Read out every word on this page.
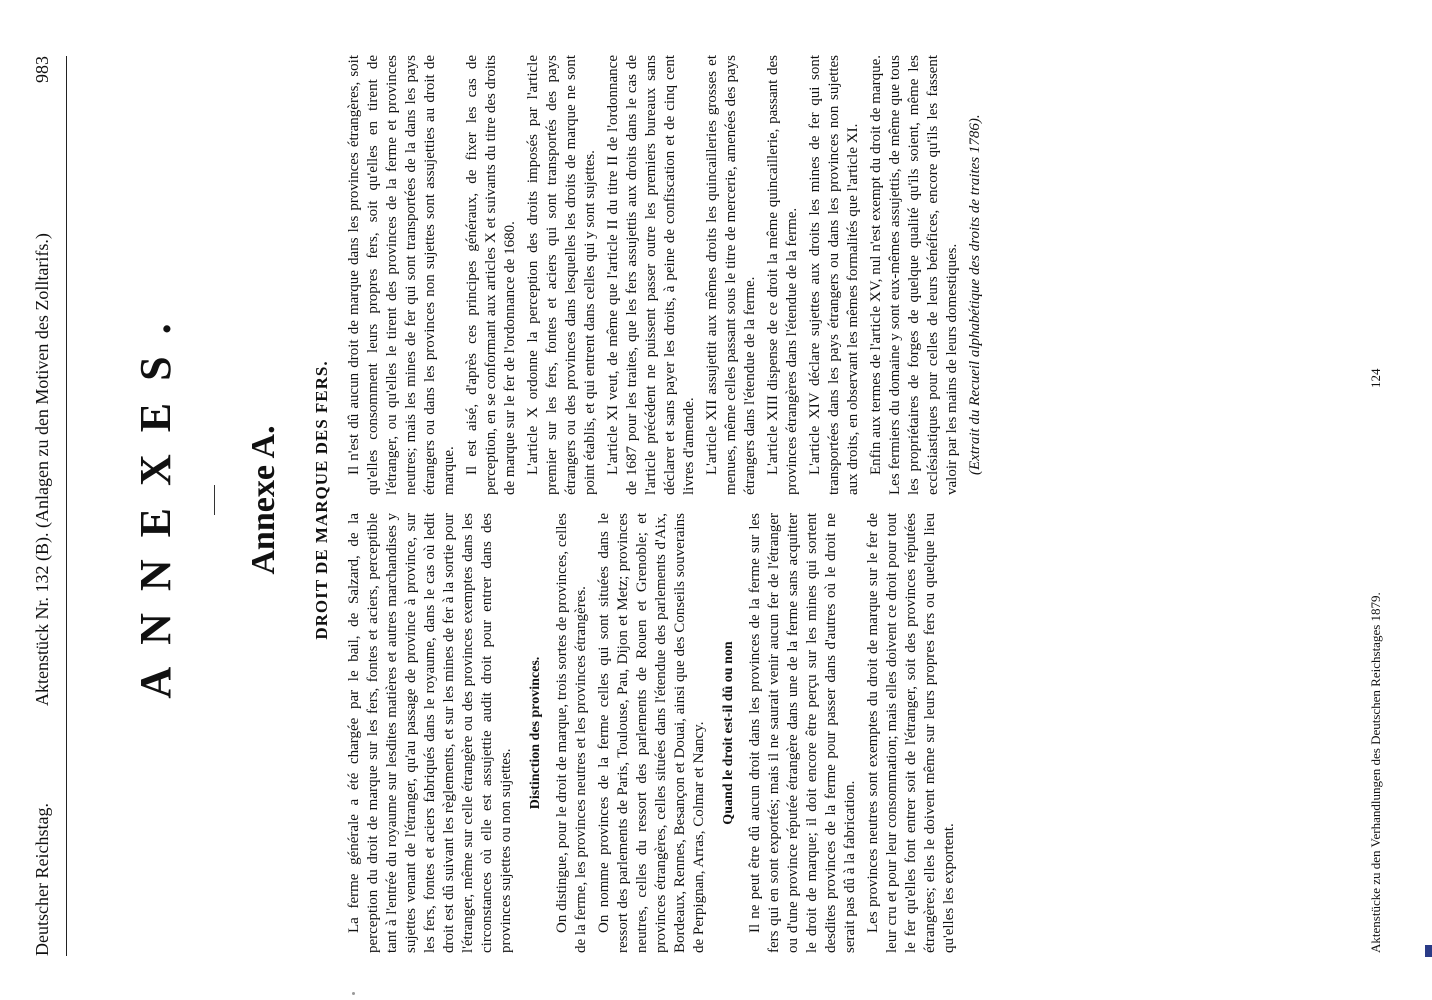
Deutscher Reichstag.
Aktenstück Nr. 132 (B). (Anlagen zu den Motiven des Zolltarifs.)
983
ANNEXES. Annexe A. DROIT DE MARQUE DES FERS.

La ferme générale a été chargée par le bail, de Salzard, de la perception du droit de marque sur les fers, fontes et aciers, perceptible tant à l'entrée du royaume sur lesdites matières et autres marchandises y sujettes venant de l'étranger, qu'au passage de province à province, sur les fers, fontes et aciers fabriqués dans le royaume, dans le cas où ledit droit est dû suivant les règlements, et sur les mines de fer à la sortie pour l'étranger, même sur celle étrangère ou des provinces exemptes dans les circonstances où elle est assujettie audit droit pour entrer dans des provinces sujettes ou non sujettes.

Distinction des provinces. On distingue, pour le droit de marque, trois sortes de provinces, celles de la ferme, les provinces neutres et les provinces étrangères. On nomme provinces de la ferme celles qui sont situées dans le ressort des parlements de Paris, Toulouse, Pau, Dijon et Metz; provinces neutres, celles du ressort des parlements de Rouen et Grenoble; et provinces étrangères, celles situées dans l'étendue des parlements d'Aix, Bordeaux, Rennes, Besançon et Douai, ainsi que des Conseils souverains de Perpignan, Arras, Colmar et Nancy. Quand le droit est-il dû ou non Il ne peut être dû aucun droit dans les provinces de la ferme sur les fers qui en sont exportés; mais il ne saurait venir aucun fer de l'étranger ou d'une province réputée étrangère dans une de la ferme sans acquitter le droit de marque; il doit encore être perçu sur les mines qui sortent desdites provinces de la ferme pour passer dans d'autres où le droit ne serait pas dû à la fabrication. Les provinces neutres sont exemptes du droit de marque sur le fer de leur cru et pour leur consommation; mais elles doivent ce droit pour tout le fer qu'elles font entrer soit de l'étranger, soit des provinces réputées étrangères; elles le doivent même sur leurs propres fers ou quelque lieu qu'elles les exportent.

Il n'est dû aucun droit de marque dans les provinces étrangères, soit qu'elles consomment leurs propres fers, soit qu'elles en tirent de l'étranger, ou qu'elles le tirent des provinces de la ferme et provinces neutres; mais les mines de fer qui sont transportées de la dans les pays étrangers ou dans les provinces non sujettes sont assujetties au droit de marque. Il est aisé, d'après ces principes généraux, de fixer les cas de perception, en se conformant aux articles X et suivants du titre des droits de marque sur le fer de l'ordonnance de 1680. L'article X ordonne la perception des droits imposés par l'article premier sur les fers, fontes et aciers qui sont transportés des pays étrangers ou des provinces dans lesquelles les droits de marque ne sont point établis, et qui entrent dans celles qui y sont sujettes. L'article XI veut, de même que l'article II du titre II de l'ordonnance de 1687 pour les traites, que les fers assujettis aux droits dans le cas de l'article précédent ne puissent passer outre les premiers bureaux sans déclarer et sans payer les droits, à peine de confiscation et de cinq cent livres d'amende. L'article XII assujettit aux mêmes droits les quincailleries grosses et menues, même celles passant sous le titre de mercerie, amenées des pays étrangers dans l'étendue de la ferme. L'article XIII dispense de ce droit la même quincaillerie, passant des provinces étrangères dans l'étendue de la ferme. L'article XIV déclare sujettes aux droits les mines de fer qui sont transportées dans les pays étrangers ou dans les provinces non sujettes aux droits, en observant les mêmes formalités que l'article XI. Enfin aux termes de l'article XV, nul n'est exempt du droit de marque. Les fermiers du domaine y sont eux-mêmes assujettis, de même que tous les propriétaires de forges de quelque qualité qu'ils soient, même les ecclésiastiques pour celles de leurs bénéfices, encore qu'ils les fassent valoir par les mains de leurs domestiques. (Extrait du Recueil alphabétique des droits de traites 1786).

Aktenstücke zu den Verhandlungen des Deutschen Reichstages 1879.
124
